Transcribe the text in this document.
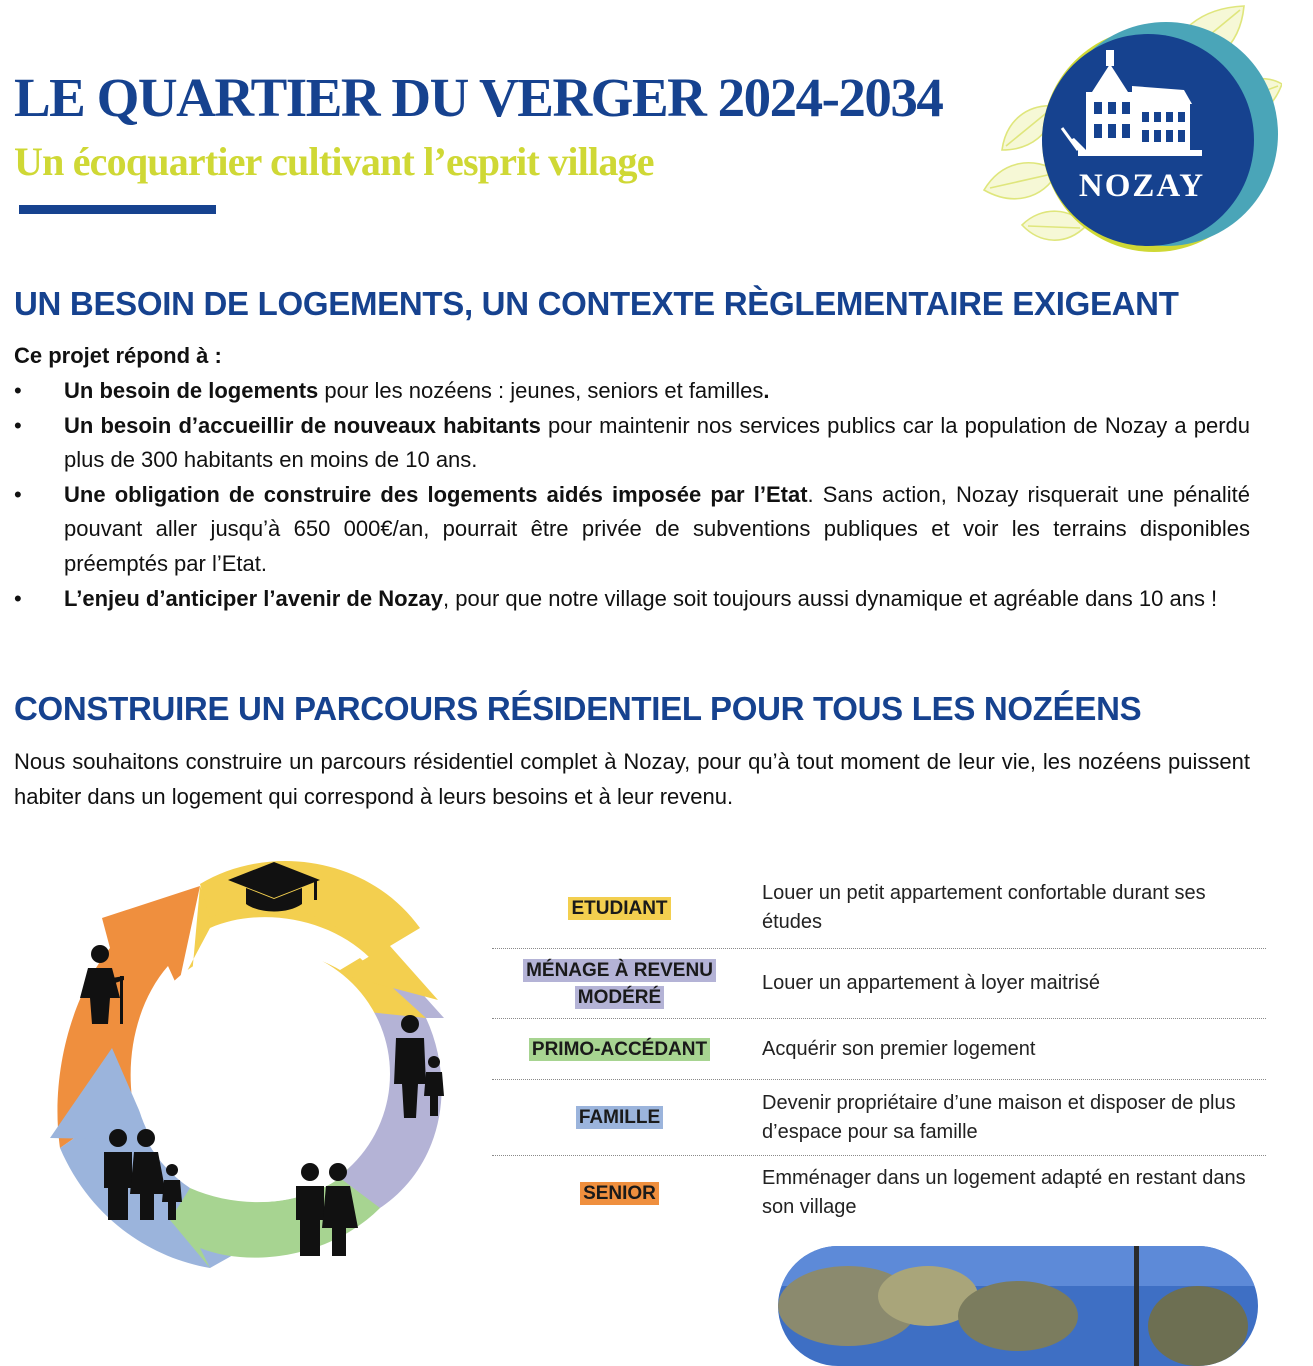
LE QUARTIER DU VERGER 2024-2034
Un écoquartier cultivant l’esprit village
NOZAY
UN BESOIN DE LOGEMENTS, UN CONTEXTE RÈGLEMENTAIRE EXIGEANT

Ce projet répond à :

• Un besoin de logements pour les nozéens : jeunes, seniors et familles.
• Un besoin d’accueillir de nouveaux habitants pour maintenir nos services publics car la population de Nozay a perdu plus de 300 habitants en moins de 10 ans.
• Une obligation de construire des logements aidés imposée par l’Etat. Sans action, Nozay risquerait une pénalité pouvant aller jusqu’à 650 000€/an, pourrait être privée de subventions publiques et voir les terrains disponibles préemptés par l’Etat.
• L’enjeu d’anticiper l’avenir de Nozay, pour que notre village soit toujours aussi dynamique et agréable dans 10 ans !
CONSTRUIRE UN PARCOURS RÉSIDENTIEL POUR TOUS LES NOZÉENS

Nous souhaitons construire un parcours résidentiel complet à Nozay, pour qu’à tout moment de leur vie, les nozéens puissent habiter dans un logement qui correspond à leurs besoins et à leur revenu.

ETUDIANT
Louer un petit appartement confortable durant ses études
MÉNAGE À REVENU MODÉRÉ
Louer un appartement à loyer maitrisé
PRIMO-ACCÉDANT	Acquérir son premier logement
FAMILLE
Devenir propriétaire d’une maison et disposer de plus d’espace pour sa famille
SENIOR
Emménager dans un logement adapté en restant dans son village
